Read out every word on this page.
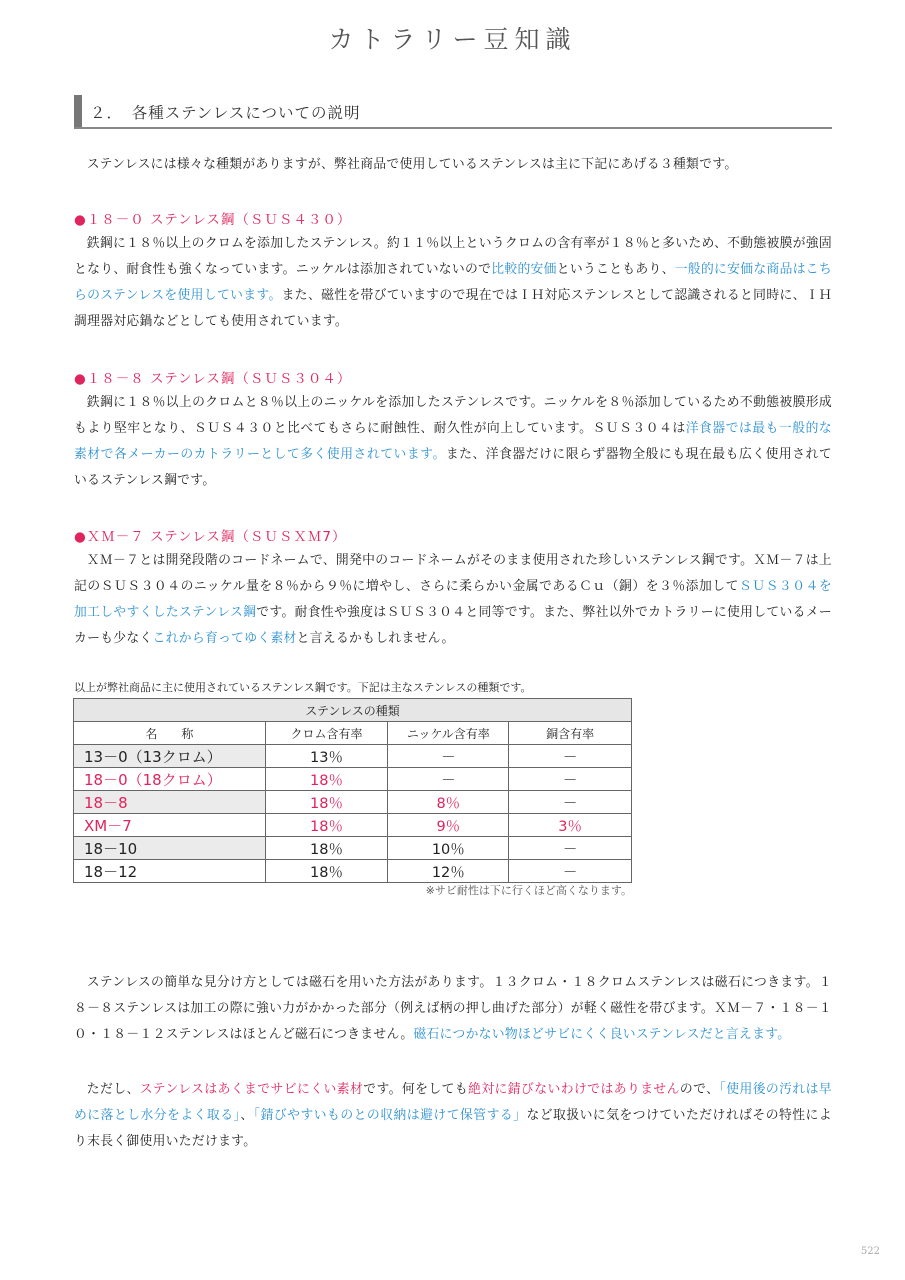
カトラリー豆知識
２．　各種ステンレスについての説明
ステンレスには様々な種類がありますが、弊社商品で使用しているステンレスは主に下記にあげる３種類です。
●１８－０ ステンレス鋼（ＳＵＳ４３０）
鉄鋼に１８％以上のクロムを添加したステンレス。約１１％以上というクロムの含有率が１８％と多いため、不動態被膜が強固となり、耐食性も強くなっています。ニッケルは添加されていないので比較的安価ということもあり、一般的に安価な商品はこちらのステンレスを使用しています。また、磁性を帯びていますので現在ではＩＨ対応ステンレスとして認識されると同時に、ＩＨ調理器対応鍋などとしても使用されています。
●１８－８ ステンレス鋼（ＳＵＳ３０４）
鉄鋼に１８％以上のクロムと８％以上のニッケルを添加したステンレスです。ニッケルを８％添加しているため不動態被膜形成もより堅牢となり、ＳＵＳ４３０と比べてもさらに耐蝕性、耐久性が向上しています。ＳＵＳ３０４は洋食器では最も一般的な素材で各メーカーのカトラリーとして多く使用されています。また、洋食器だけに限らず器物全般にも現在最も広く使用されているステンレス鋼です。
●ＸＭ－７ ステンレス鋼（ＳＵＳＸＭ7）
ＸＭ－７とは開発段階のコードネームで、開発中のコードネームがそのまま使用された珍しいステンレス鋼です。ＸＭ－７は上記のＳＵＳ３０４のニッケル量を８％から９％に増やし、さらに柔らかい金属であるＣｕ（銅）を３％添加してＳＵＳ３０４を加工しやすくしたステンレス鋼です。耐食性や強度はＳＵＳ３０４と同等です。また、弊社以外でカトラリーに使用しているメーカーも少なくこれから育ってゆく素材と言えるかもしれません。
以上が弊社商品に主に使用されているステンレス鋼です。下記は主なステンレスの種類です。
ステンレスの種類			
名　　称	クロム含有率	ニッケル含有率	銅含有率
13－0（13クロム）	13％	－	－
18－0（18クロム）	18％	－	－
18－8	18％	8％	－
XM－7	18％	9％	3％
18－10	18％	10％	－
18－12	18％	12％	－
※サビ耐性は下に行くほど高くなります。
ステンレスの簡単な見分け方としては磁石を用いた方法があります。１３クロム・１８クロムステンレスは磁石につきます。１８－８ステンレスは加工の際に強い力がかかった部分（例えば柄の押し曲げた部分）が軽く磁性を帯びます。ＸＭ－７・１８－１０・１８－１２ステンレスはほとんど磁石につきません。磁石につかない物ほどサビにくく良いステンレスだと言えます。
ただし、ステンレスはあくまでサビにくい素材です。何をしても絶対に錆びないわけではありませんので、「使用後の汚れは早めに落とし水分をよく取る」、「錆びやすいものとの収納は避けて保管する」など取扱いに気をつけていただければその特性により末長く御使用いただけます。
522
